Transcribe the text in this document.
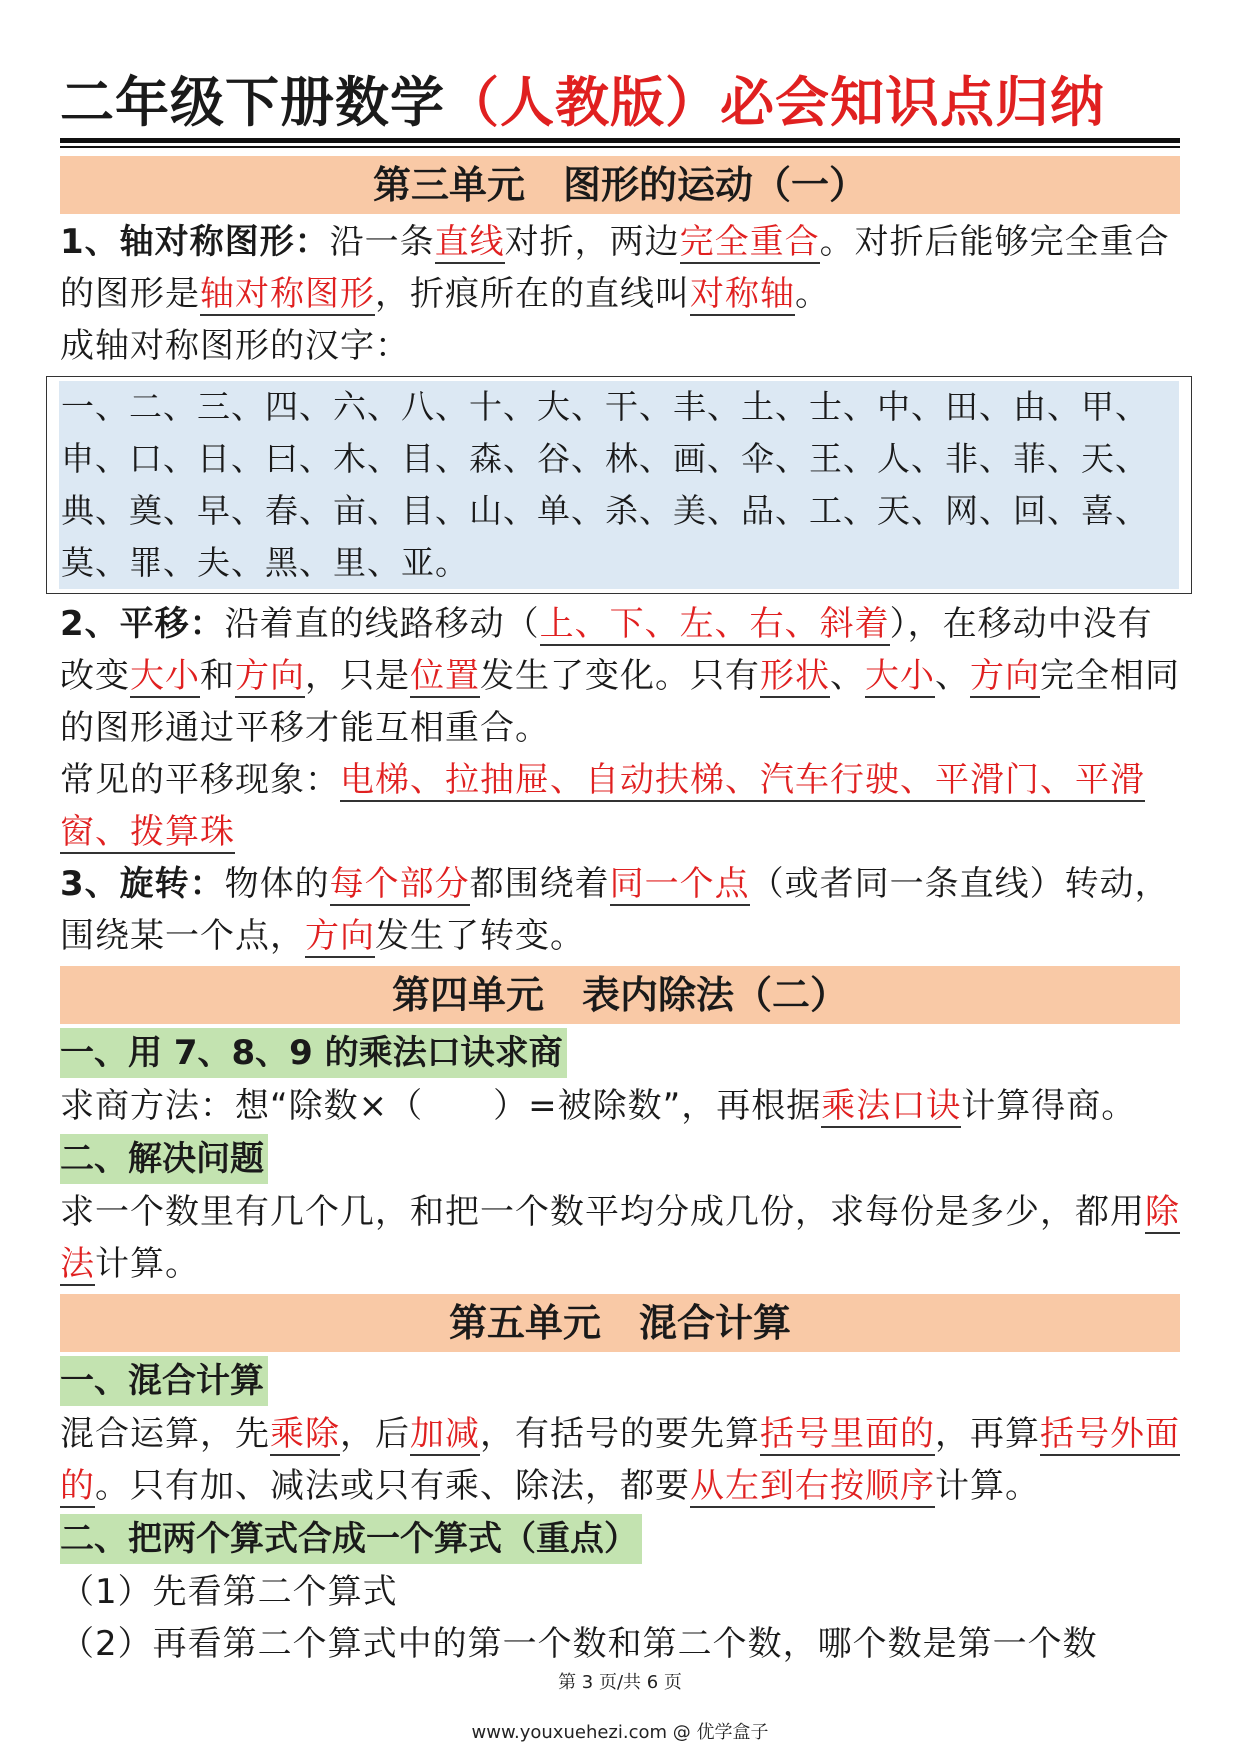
二年级下册数学（人教版）必会知识点归纳
第三单元　图形的运动（一）
1、轴对称图形：沿一条直线对折，两边完全重合。对折后能够完全重合的图形是轴对称图形，折痕所在的直线叫对称轴。
成轴对称图形的汉字：
一、二、三、四、六、八、十、大、干、丰、土、士、中、田、由、甲、申、口、日、曰、木、目、森、谷、林、画、伞、王、人、非、菲、天、典、奠、早、春、亩、目、山、单、杀、美、品、工、天、网、回、喜、莫、罪、夫、黑、里、亚。
2、平移：沿着直的线路移动（上、下、左、右、斜着），在移动中没有改变大小和方向，只是位置发生了变化。只有形状、大小、方向完全相同的图形通过平移才能互相重合。
常见的平移现象：电梯、拉抽屉、自动扶梯、汽车行驶、平滑门、平滑窗、拨算珠
3、旋转：物体的每个部分都围绕着同一个点（或者同一条直线）转动，围绕某一个点，方向发生了转变。
第四单元　表内除法（二）
一、用 7、8、9 的乘法口诀求商
求商方法：想“除数×（　　）=被除数”，再根据乘法口诀计算得商。
二、解决问题
求一个数里有几个几，和把一个数平均分成几份，求每份是多少，都用除法计算。
第五单元　混合计算
一、混合计算
混合运算，先乘除，后加减，有括号的要先算括号里面的，再算括号外面的。只有加、减法或只有乘、除法，都要从左到右按顺序计算。
二、把两个算式合成一个算式（重点）
（1）先看第二个算式
（2）再看第二个算式中的第一个数和第二个数，哪个数是第一个数
第 3 页/共 6 页
www.youxuehezi.com @ 优学盒子
